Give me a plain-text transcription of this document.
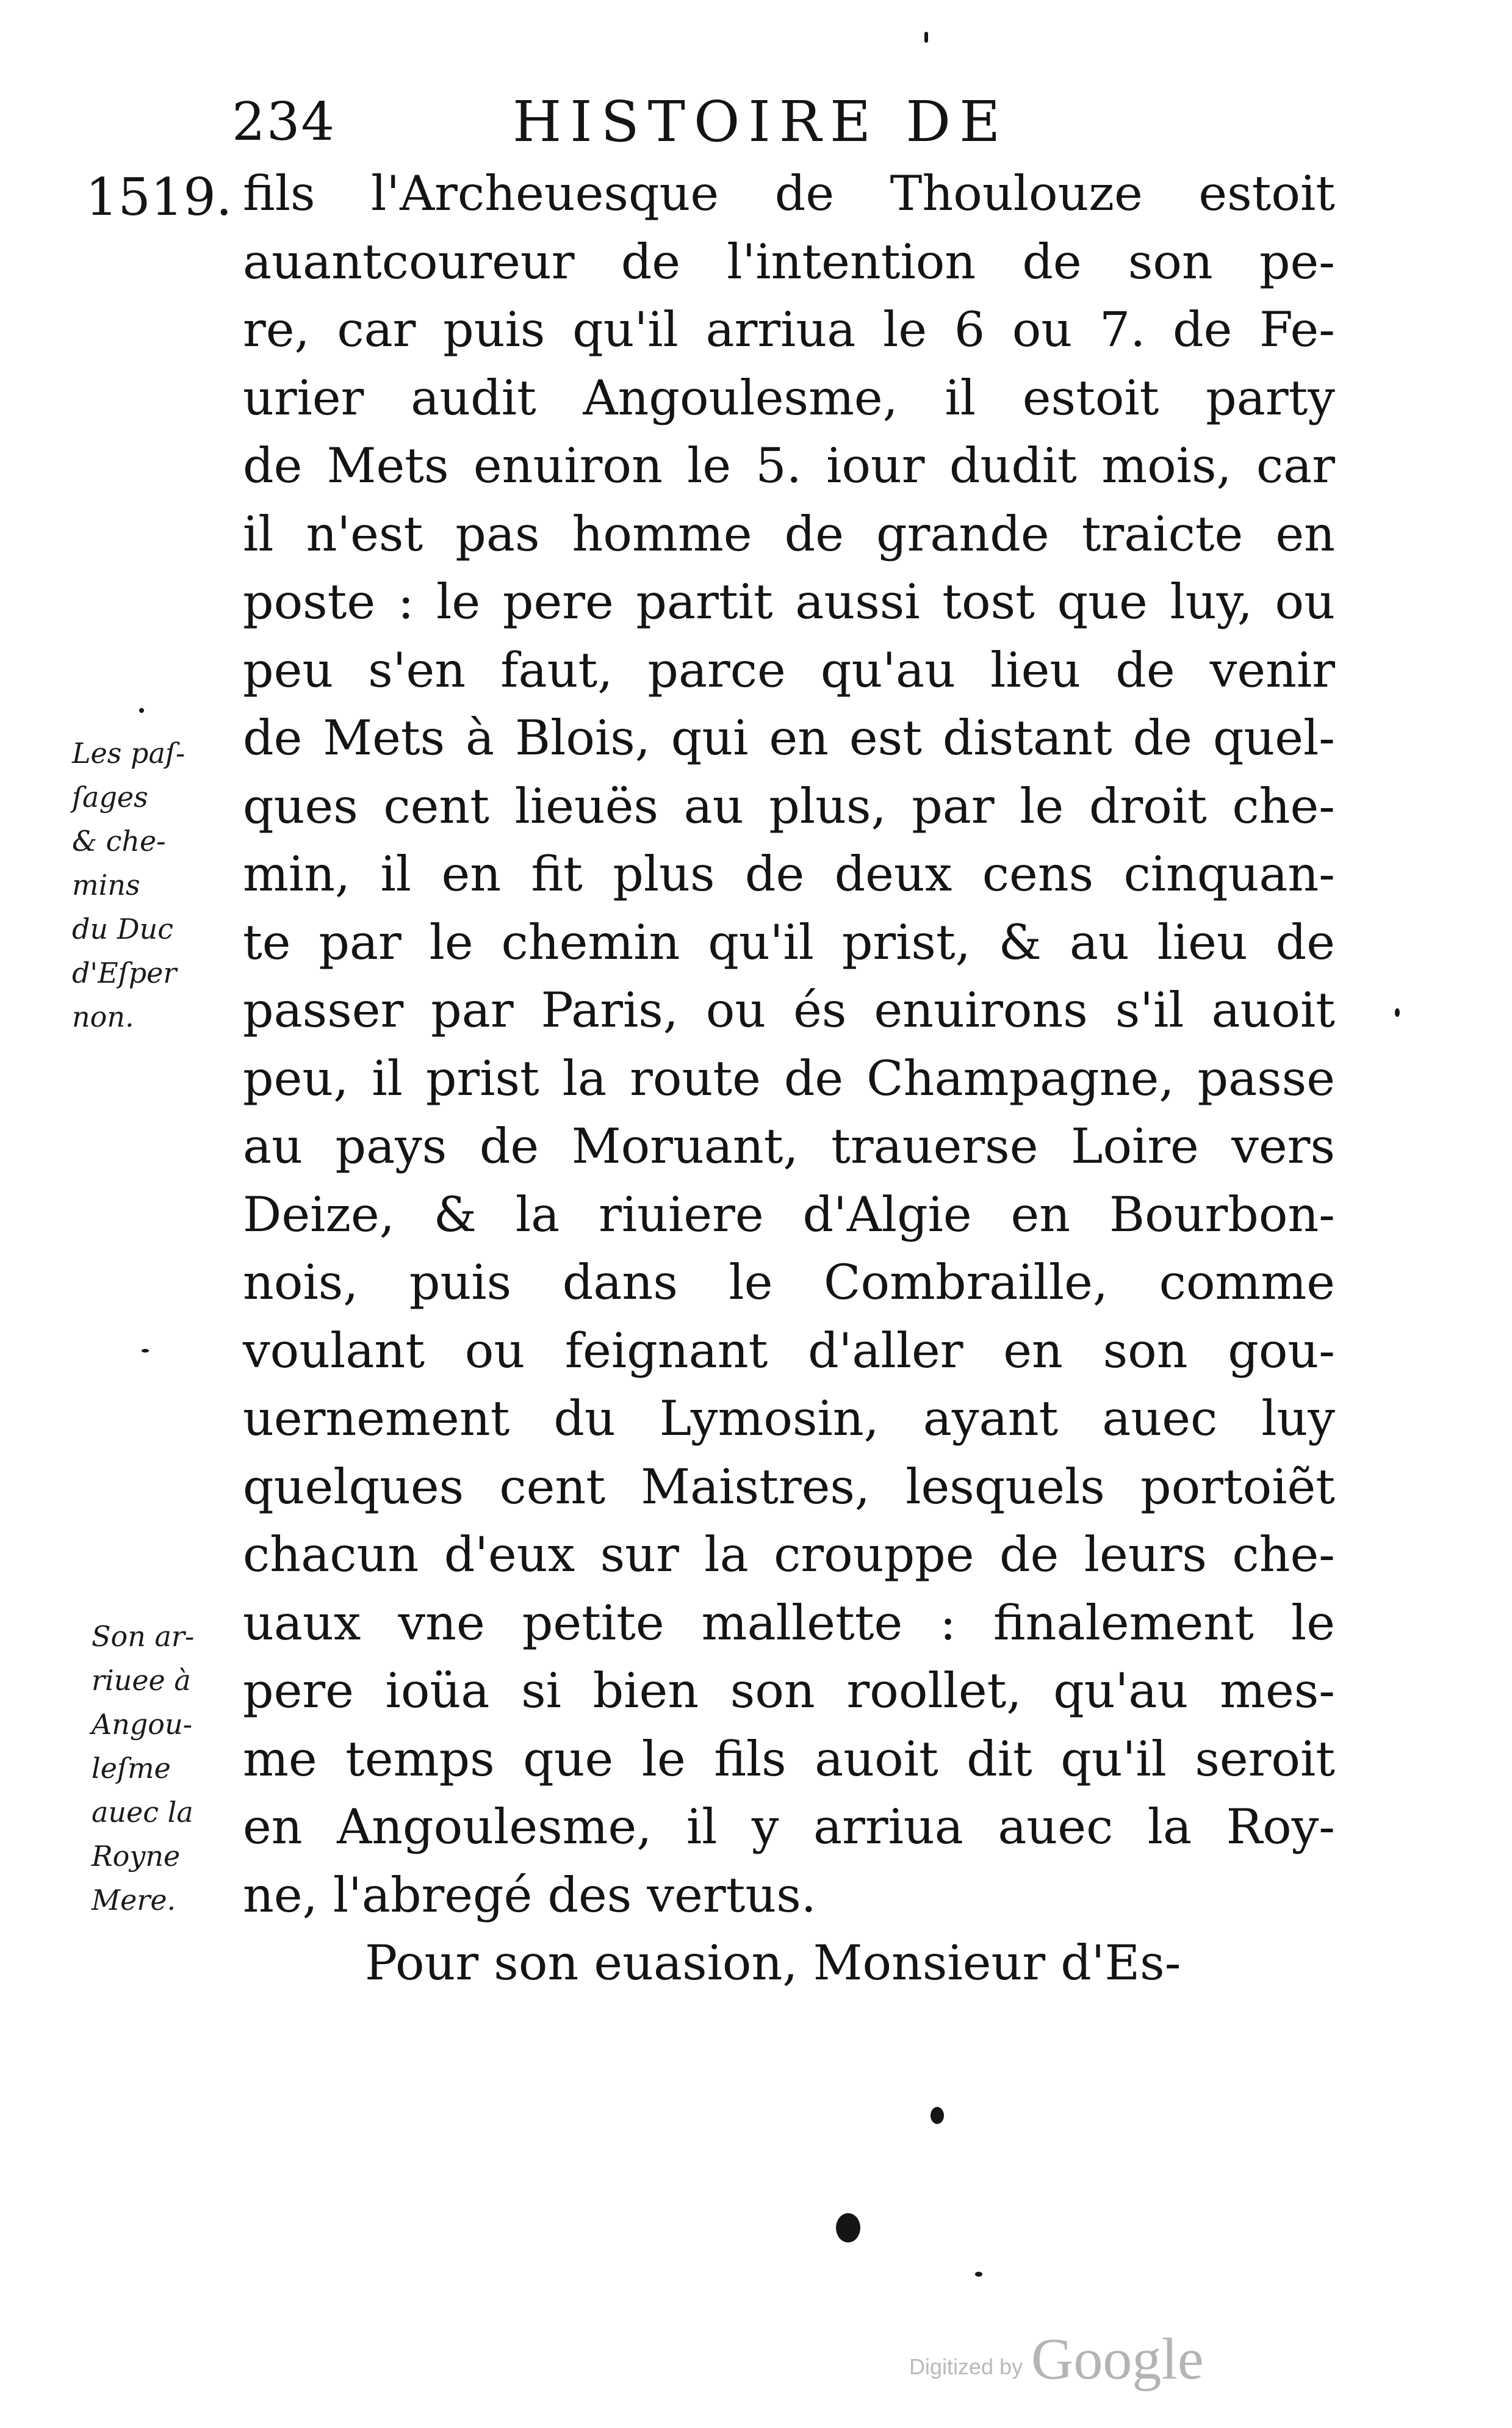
234	HISTOIRE DE
1519. fils l'Archeuesque de Thoulouze estoit
auantcoureur de l'intention de son pe-
re, car puis qu'il arriua le 6 ou 7. de Fe-
urier audit Angoulesme, il estoit party
de Mets enuiron le 5. iour dudit mois, car
il n'est pas homme de grande traicte en
poste : le pere partit aussi tost que luy, ou
peu s'en faut, parce qu'au lieu de venir
de Mets à Blois, qui en est distant de quel-
ques cent lieuës au plus, par le droit che-
min, il en fit plus de deux cens cinquan-
te par le chemin qu'il prist, & au lieu de
passer par Paris, ou és enuirons s'il auoit
peu, il prist la route de Champagne, passe
au pays de Moruant, trauerse Loire vers
Deize, & la riuiere d'Algie en Bourbon-
nois, puis dans le Combraille, comme
voulant ou feignant d'aller en son gou-
uernement du Lymosin, ayant auec luy
quelques cent Maistres, lesquels portoiẽt
chacun d'eux sur la crouppe de leurs che-
uaux vne petite mallette : finalement le
pere ioüa si bien son roollet, qu'au mes-
me temps que le fils auoit dit qu'il seroit
en Angoulesme, il y arriua auec la Roy-
ne, l'abregé des vertus.
Pour son euasion, Monsieur d'Es-
Les paſ-
ſages
& che-
mins
du Duc
d'Eſper
non.
Son ar-
riuee à
Angou-
leſme
auec la
Royne
Mere.
Digitized by Google
